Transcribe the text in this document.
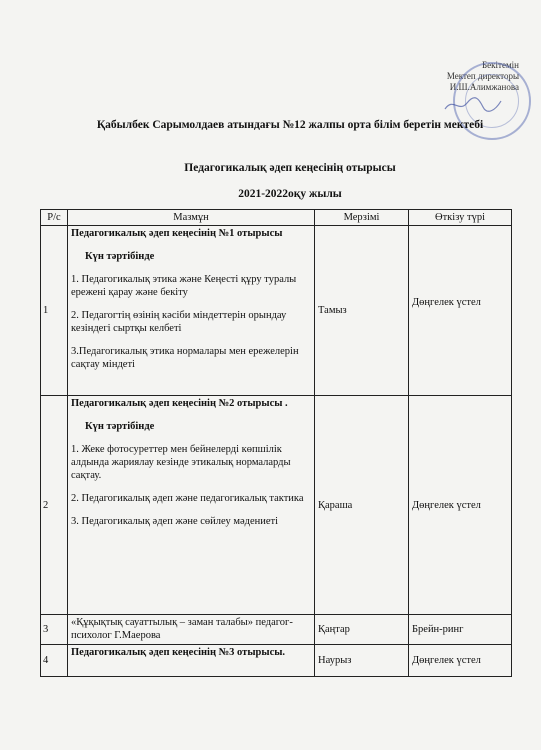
Бекітемін
Мектеп директоры
И.Ш.Алимжанова
Қабылбек Сарымолдаев атындағы №12 жалпы орта білім беретін мектебі
Педагогикалық әдеп кеңесінің отырысы
2021-2022оқу жылы
Р/с	Мазмұн	Мерзімі	Өткізу түрі
1	Педагогикалық әдеп кеңесінің №1 отырысы
Күн тәртібінде
1. Педагогикалық этика және Кеңесті құру туралы ережені қарау және бекіту
2. Педагогтің өзінің кәсіби міндеттерін орындау кезіндегі сыртқы келбеті
3.Педагогикалық этика нормалары мен ережелерін сақтау міндеті	Тамыз	Дөңгелек үстел
2	Педагогикалық әдеп кеңесінің №2 отырысы .
Күн тәртібінде
1. Жеке фотосуреттер мен бейнелерді көпшілік алдында жариялау кезінде этикалық нормаларды сақтау.
2. Педагогикалық әдеп және педагогикалық тактика
3. Педагогикалық әдеп және сөйлеу мәдениеті	Қараша	Дөңгелек үстел
3	«Құқықтық сауаттылық – заман талабы» педагог-психолог Г.Маерова	Қаңтар	Брейн-ринг
4	Педагогикалық әдеп кеңесінің №3 отырысы.	Наурыз	Дөңгелек үстел
